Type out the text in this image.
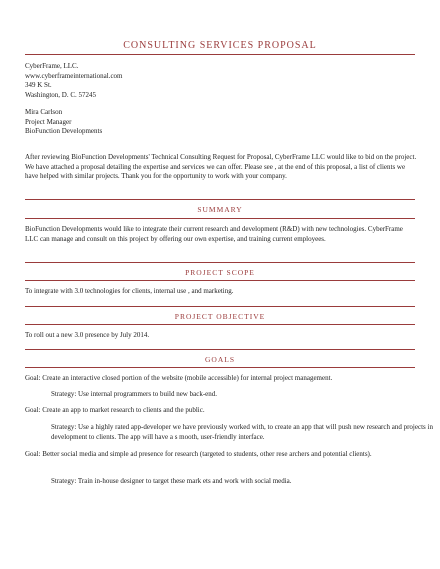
CONSULTING SERVICES PROPOSAL

CyberFrame, LLC.

www.cyberframeinternational.com

349 K St.

Washington, D. C. 57245

Mira Carlson

Project Manager

BioFunction Developments

After reviewing BioFunction Developments' Technical Consulting Request for Proposal, CyberFrame LLC would like to bid on the project. We have attached a proposal detailing the expertise and services we can offer. Please see , at the end of this proposal, a list of clients we have helped with similar projects. Thank you for the opportunity to work with your company.

SUMMARY

BioFunction Developments would like to integrate their current research and development (R&D) with new technologies. CyberFrame LLC can manage and consult on this project by offering our own expertise, and training current employees.

PROJECT SCOPE

To integrate with 3.0 technologies for clients, internal use , and marketing.

PROJECT OBJECTIVE

To roll out a new 3.0 presence by July 2014.

GOALS

Goal: Create an interactive closed portion of the website (mobile accessible) for internal project management.

Strategy: Use internal programmers to build new back-end.

Goal: Create an app to market research to clients and the public.

Strategy: Use a highly rated app-developer we have previously worked with, to create an app that will push new research and projects in development to clients. The app will have a s mooth, user-friendly interface.

Goal: Better social media and simple ad presence for research (targeted to students, other rese archers and potential clients).

Strategy: Train in-house designer to target these mark ets and work with social media.
